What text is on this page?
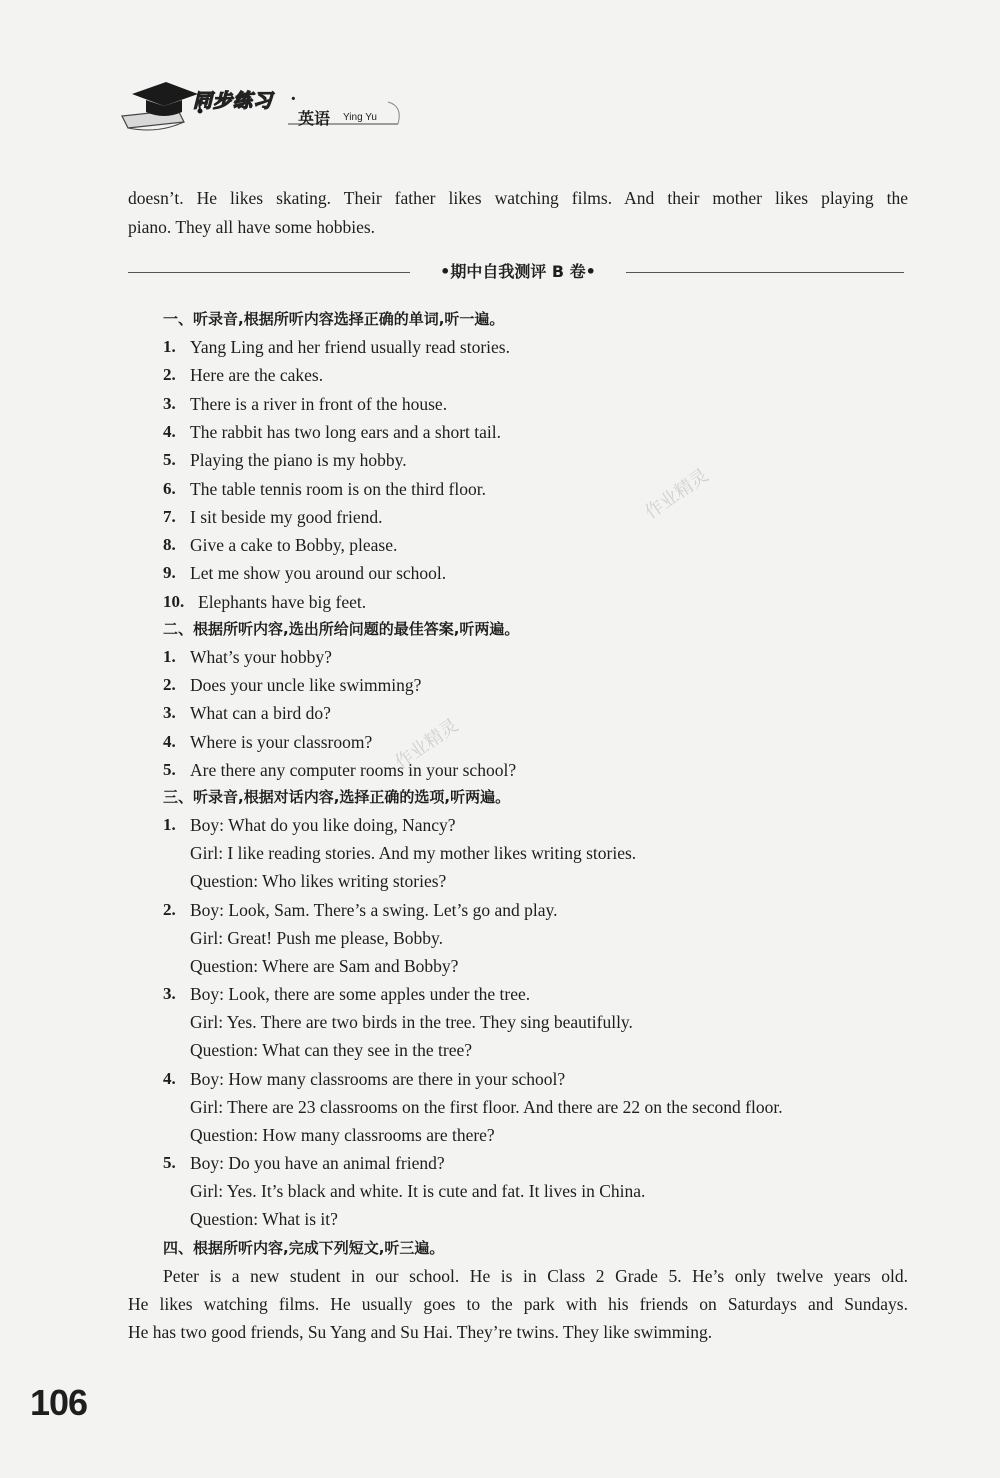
同步练习 ·
英语 Ying Yu
doesn’t. He likes skating. Their father likes watching films. And their mother likes playing the
piano. They all have some hobbies.
•期中自我测评 B 卷•
一、听录音,根据所听内容选择正确的单词,听一遍。
1. Yang Ling and her friend usually read stories.
2. Here are the cakes.
3. There is a river in front of the house.
4. The rabbit has two long ears and a short tail.
5. Playing the piano is my hobby.
6. The table tennis room is on the third floor.
7. I sit beside my good friend.
8. Give a cake to Bobby, please.
9. Let me show you around our school.
10. Elephants have big feet.
二、根据所听内容,选出所给问题的最佳答案,听两遍。
1. What’s your hobby?
2. Does your uncle like swimming?
3. What can a bird do?
4. Where is your classroom?
5. Are there any computer rooms in your school?
三、听录音,根据对话内容,选择正确的选项,听两遍。
1. Boy: What do you like doing, Nancy?
Girl: I like reading stories. And my mother likes writing stories.
Question: Who likes writing stories?
2. Boy: Look, Sam. There’s a swing. Let’s go and play.
Girl: Great! Push me please, Bobby.
Question: Where are Sam and Bobby?
3. Boy: Look, there are some apples under the tree.
Girl: Yes. There are two birds in the tree. They sing beautifully.
Question: What can they see in the tree?
4. Boy: How many classrooms are there in your school?
Girl: There are 23 classrooms on the first floor. And there are 22 on the second floor.
Question: How many classrooms are there?
5. Boy: Do you have an animal friend?
Girl: Yes. It’s black and white. It is cute and fat. It lives in China.
Question: What is it?
四、根据所听内容,完成下列短文,听三遍。
Peter is a new student in our school. He is in Class 2 Grade 5. He’s only twelve years old.
He likes watching films. He usually goes to the park with his friends on Saturdays and Sundays.
He has two good friends, Su Yang and Su Hai. They’re twins. They like swimming.
作业精灵
作业精灵
106
